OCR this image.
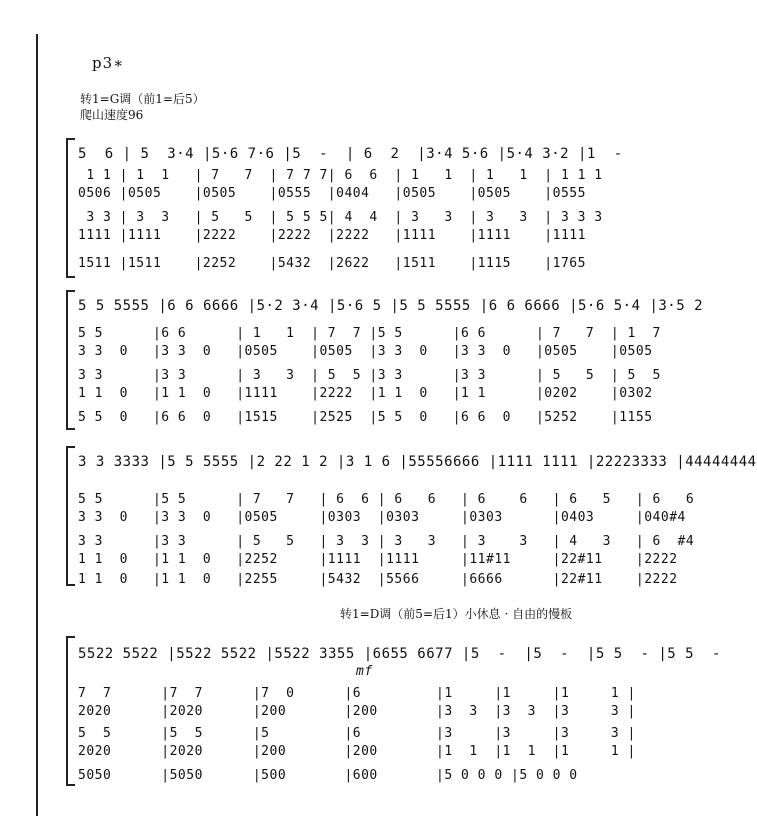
p3∗
转1=G调（前1=后5）
爬山速度96
5  6 | 5  3·4 |5·6 7·6 |5  -  | 6  2  |3·4 5·6 |5·4 3·2 |1  -
1 1 | 1  1   | 7   7  | 7 7 7| 6  6  | 1   1  | 1   1  | 1 1 1
0506 |0505    |0505    |0555  |0404   |0505    |0505    |0555
3 3 | 3  3   | 5   5  | 5 5 5| 4  4  | 3   3  | 3   3  | 3 3 3
1111 |1111    |2222    |2222  |2222   |1111    |1111    |1111
1511 |1511    |2252    |5432  |2622   |1511    |1115    |1765
5 5 5555 |6 6 6666 |5·2 3·4 |5·6 5 |5 5 5555 |6 6 6666 |5·6 5·4 |3·5 2
5 5      |6 6      | 1   1  | 7  7 |5 5      |6 6      | 7   7  | 1  7
3 3  0   |3 3  0   |0505    |0505  |3 3  0   |3 3  0   |0505    |0505
3 3      |3 3      | 3   3  | 5  5 |3 3      |3 3      | 5   5  | 5  5
1 1  0   |1 1  0   |1111    |2222  |1 1  0   |1 1      |0202    |0302
5 5  0   |6 6  0   |1515    |2525  |5 5  0   |6 6  0   |5252    |1155
3 3 3333 |5 5 5555 |2 22 1 2 |3 1 6 |55556666 |1111 1111 |22223333 |44444444
5 5      |5 5      | 7   7   | 6  6 | 6   6   | 6    6   | 6   5   | 6   6
3 3  0   |3 3  0   |0505     |0303  |0303     |0303      |0403     |040#4
3 3      |3 3      | 5   5   | 3  3 | 3   3   | 3    3   | 4   3   | 6  #4
1 1  0   |1 1  0   |2252     |1111  |1111     |11#11     |22#11    |2222
1 1  0   |1 1  0   |2255     |5432  |5566     |6666      |22#11    |2222
转1=D调（前5=后1）小休息 · 自由的慢板
5522 5522 |5522 5522 |5522 3355 |6655 6677 |5  -  |5  -  |5 5  - |5 5  -
mf
7  7      |7  7      |7  0      |6         |1     |1     |1     1 |
2020      |2020      |200       |200       |3  3  |3  3  |3     3 |
5  5      |5  5      |5         |6         |3     |3     |3     3 |
2020      |2020      |200       |200       |1  1  |1  1  |1     1 |
5050      |5050      |500       |600       |5 0 0 0 |5 0 0 0
